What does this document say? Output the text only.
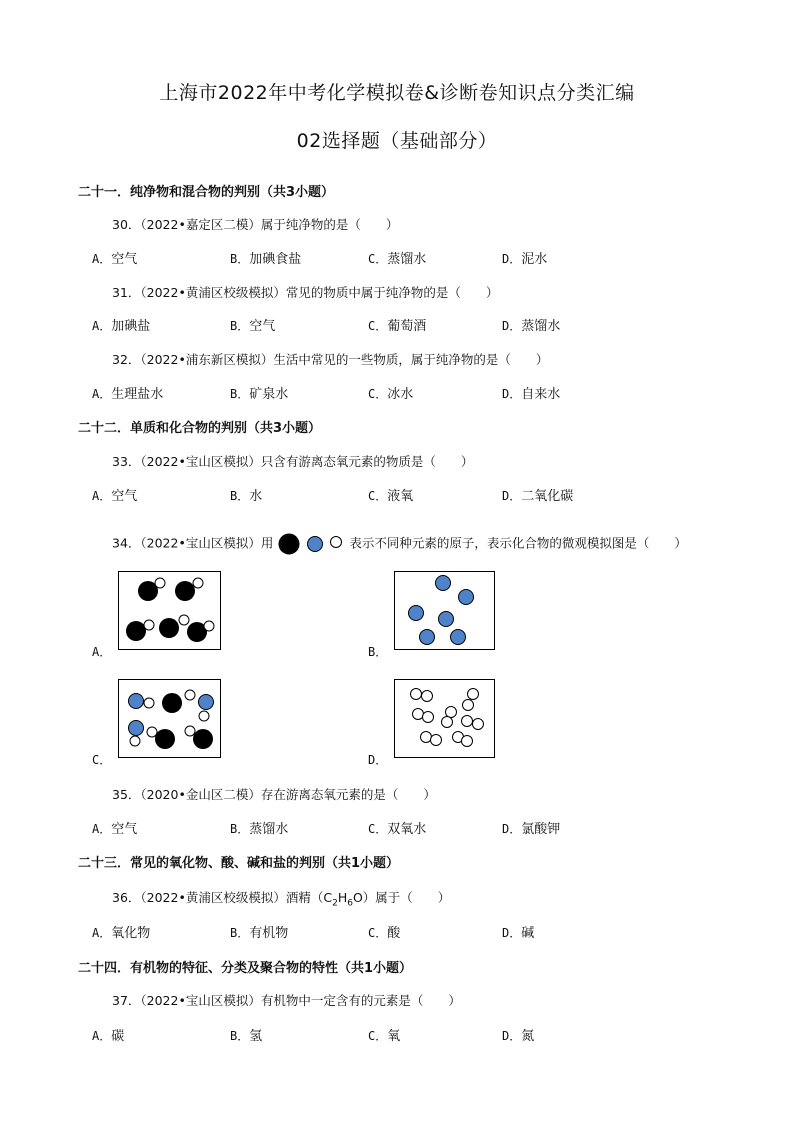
上海市2022年中考化学模拟卷&诊断卷知识点分类汇编
02选择题（基础部分）
二十一．纯净物和混合物的判别（共3小题）
30．（2022•嘉定区二模）属于纯净物的是（　　）
A．空气	B．加碘食盐	C．蒸馏水	D．泥水
31．（2022•黄浦区校级模拟）常见的物质中属于纯净物的是（　　）
A．加碘盐	B．空气	C．葡萄酒	D．蒸馏水
32．（2022•浦东新区模拟）生活中常见的一些物质，属于纯净物的是（　　）
A．生理盐水	B．矿泉水	C．冰水	D．自来水
二十二．单质和化合物的判别（共3小题）
33．（2022•宝山区模拟）只含有游离态氧元素的物质是（　　）
A．空气	B．水	C．液氧	D．二氧化碳
34．（2022•宝山区模拟）用	表示不同种元素的原子，表示化合物的微观模拟图是（　　）
A．	B．
C．	D．
35．（2020•金山区二模）存在游离态氧元素的是（　　）
A．空气	B．蒸馏水	C．双氧水	D．氯酸钾
二十三．常见的氧化物、酸、碱和盐的判别（共1小题）
36．（2022•黄浦区校级模拟）酒精$(C_2H_6O)$属于（　　）
A．氧化物	B．有机物	C．酸	D．碱
二十四．有机物的特征、分类及聚合物的特性（共1小题）
37．（2022•宝山区模拟）有机物中一定含有的元素是（　　）
A．碳	B．氢	C．氧	D．氮
